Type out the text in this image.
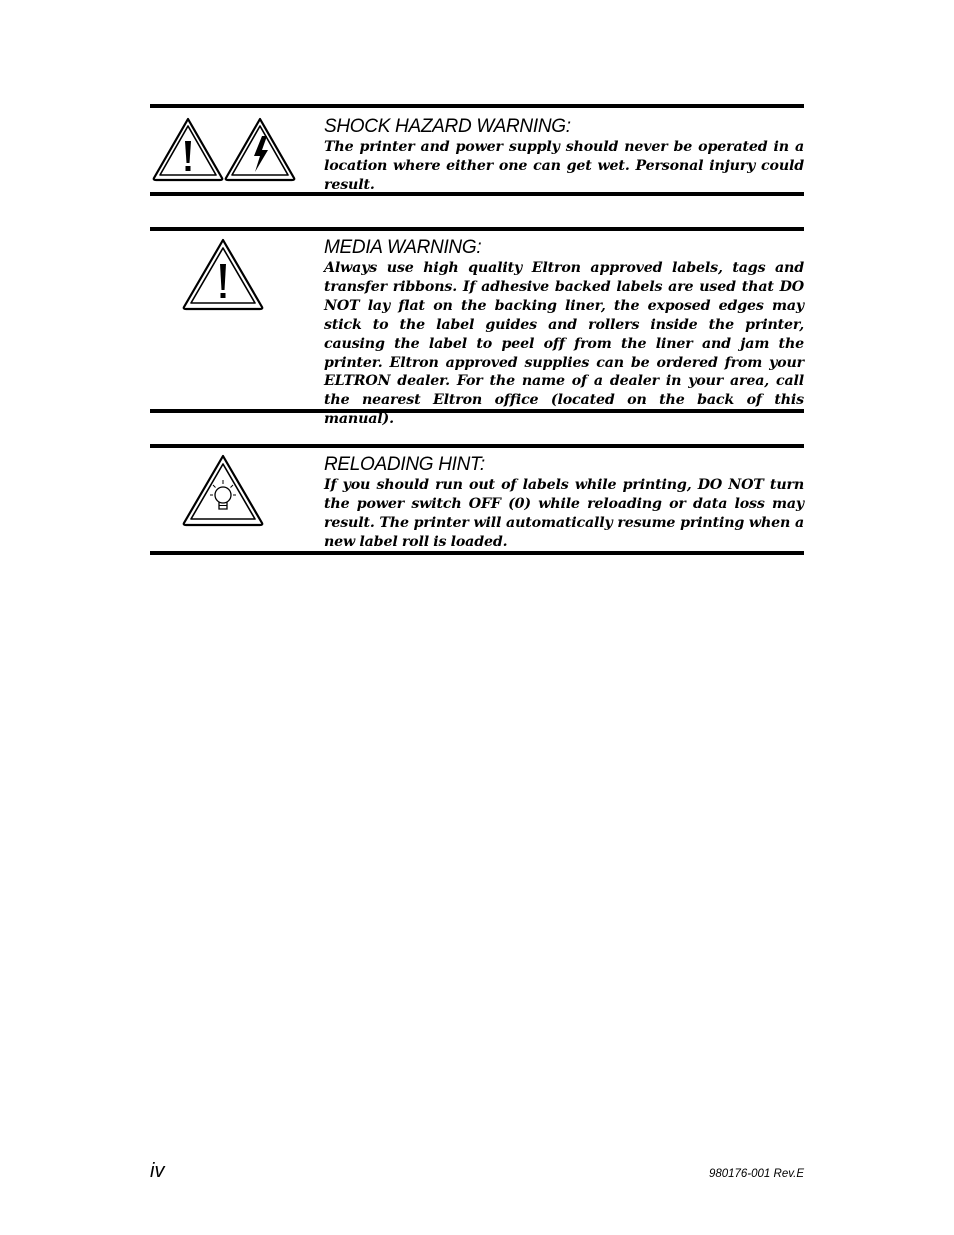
SHOCK HAZARD WARNING:

The printer and power supply should never be operated in a location where either one can get wet. Personal injury could result.

MEDIA WARNING:

Always use high quality Eltron approved labels, tags and transfer ribbons. If adhesive backed labels are used that DO NOT lay flat on the backing liner, the exposed edges may stick to the label guides and rollers inside the printer, causing the label to peel off from the liner and jam the printer. Eltron approved supplies can be ordered from your ELTRON dealer. For the name of a dealer in your area, call the nearest Eltron office (located on the back of this manual).

RELOADING HINT:

If you should run out of labels while printing, DO NOT turn the power switch OFF (0) while reloading or data loss may result. The printer will automatically resume printing when a new label roll is loaded.

iv	980176-001 Rev.E
